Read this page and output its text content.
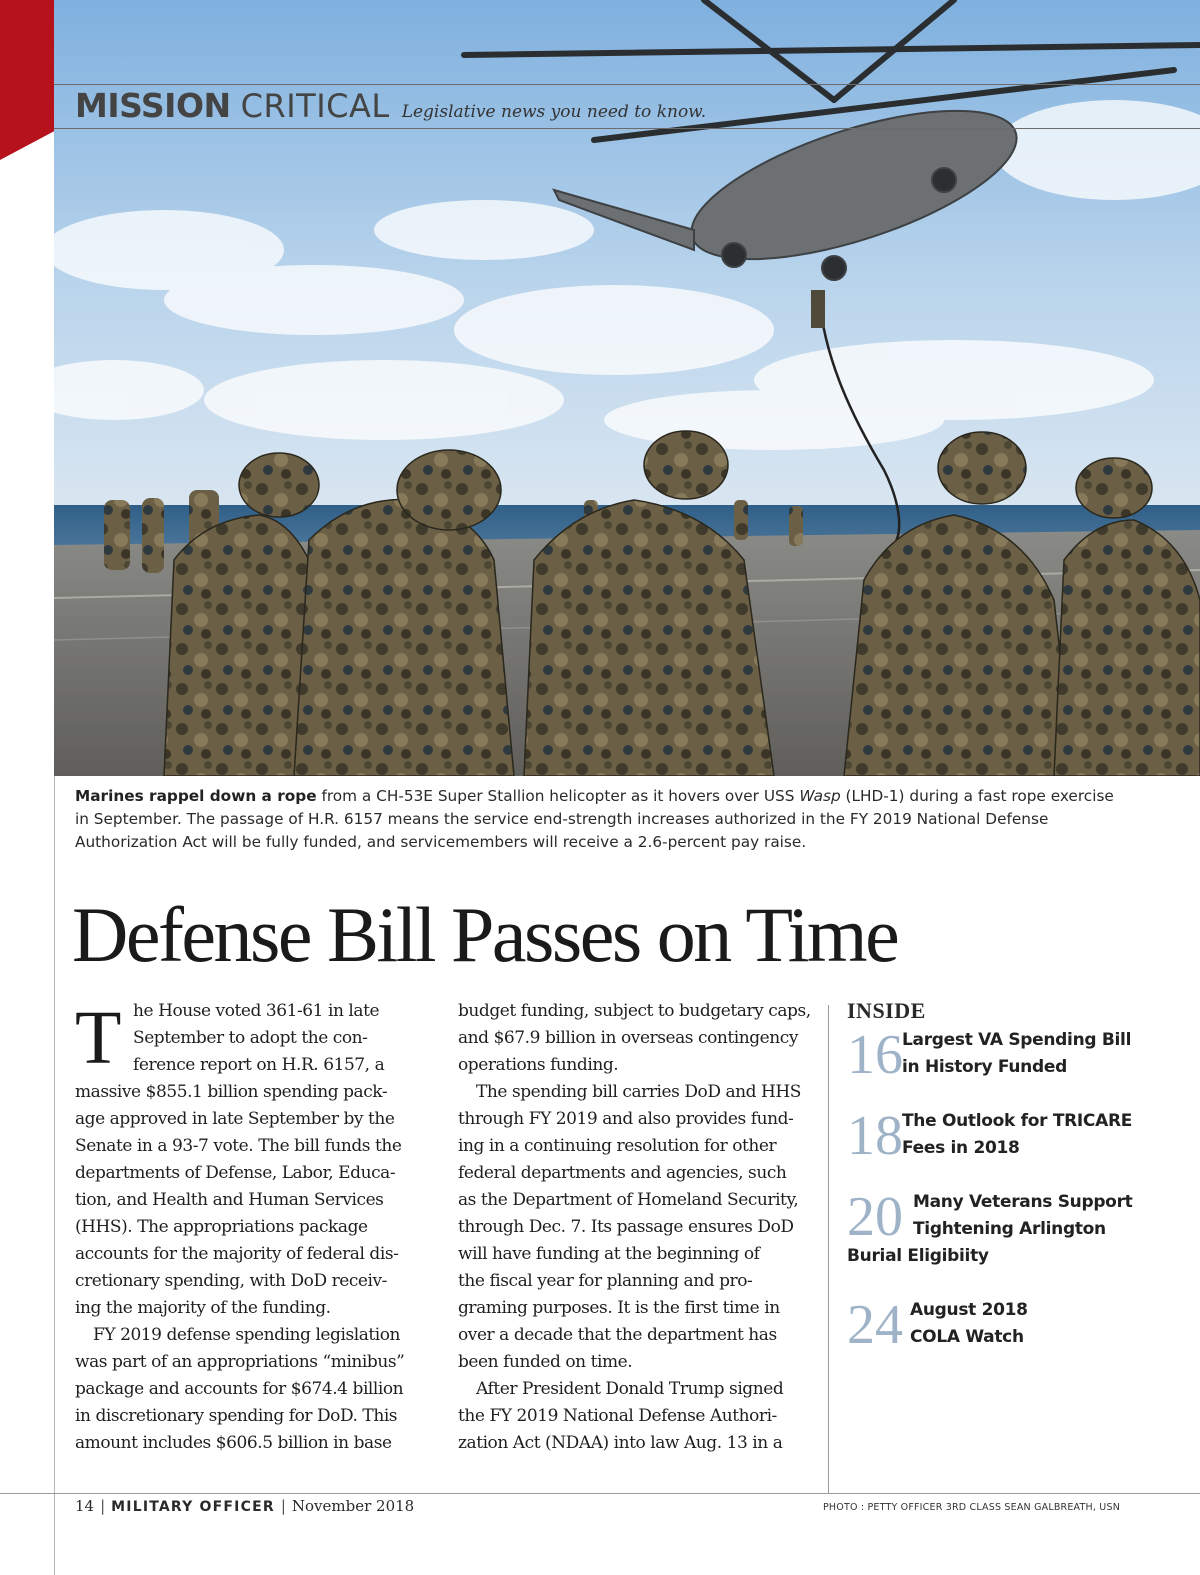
MISSION CRITICAL Legislative news you need to know.
Marines rappel down a rope from a CH-53E Super Stallion helicopter as it hovers over USS Wasp (LHD-1) during a fast rope exercise in September. The passage of H.R. 6157 means the service end-strength increases authorized in the FY 2019 National Defense Authorization Act will be fully funded, and servicemembers will receive a 2.6-percent pay raise.
Defense Bill Passes on Time
T he House voted 361-61 in late

September to adopt the con-

ference report on H.R. 6157, a

massive $855.1 billion spending pack-

age approved in late September by the

Senate in a 93-7 vote. The bill funds the

departments of Defense, Labor, Educa-

tion, and Health and Human Services

(HHS). The appropriations package

accounts for the majority of federal dis-

cretionary spending, with DoD receiv-

ing the majority of the funding.

FY 2019 defense spending legislation

was part of an appropriations “minibus”

package and accounts for $674.4 billion

in discretionary spending for DoD. This

amount includes $606.5 billion in base

budget funding, subject to budgetary caps,

and $67.9 billion in overseas contingency

operations funding.

The spending bill carries DoD and HHS

through FY 2019 and also provides fund-

ing in a continuing resolution for other

federal departments and agencies, such

as the Department of Homeland Security,

through Dec. 7. Its passage ensures DoD

will have funding at the beginning of

the fiscal year for planning and pro-

graming purposes. It is the first time in

over a decade that the department has

been funded on time.

After President Donald Trump signed

the FY 2019 National Defense Authori-

zation Act (NDAA) into law Aug. 13 in a

INSIDE
16 Largest VA Spending Bill
in History Funded
18 The Outlook for TRICARE
Fees in 2018
20 Many Veterans Support
Tightening Arlington
Burial Eligibiity
24 August 2018
COLA Watch
14 | MILITARY OFFICER | November 2018	PHOTO : PETTY OFFICER 3RD CLASS SEAN GALBREATH, USN
